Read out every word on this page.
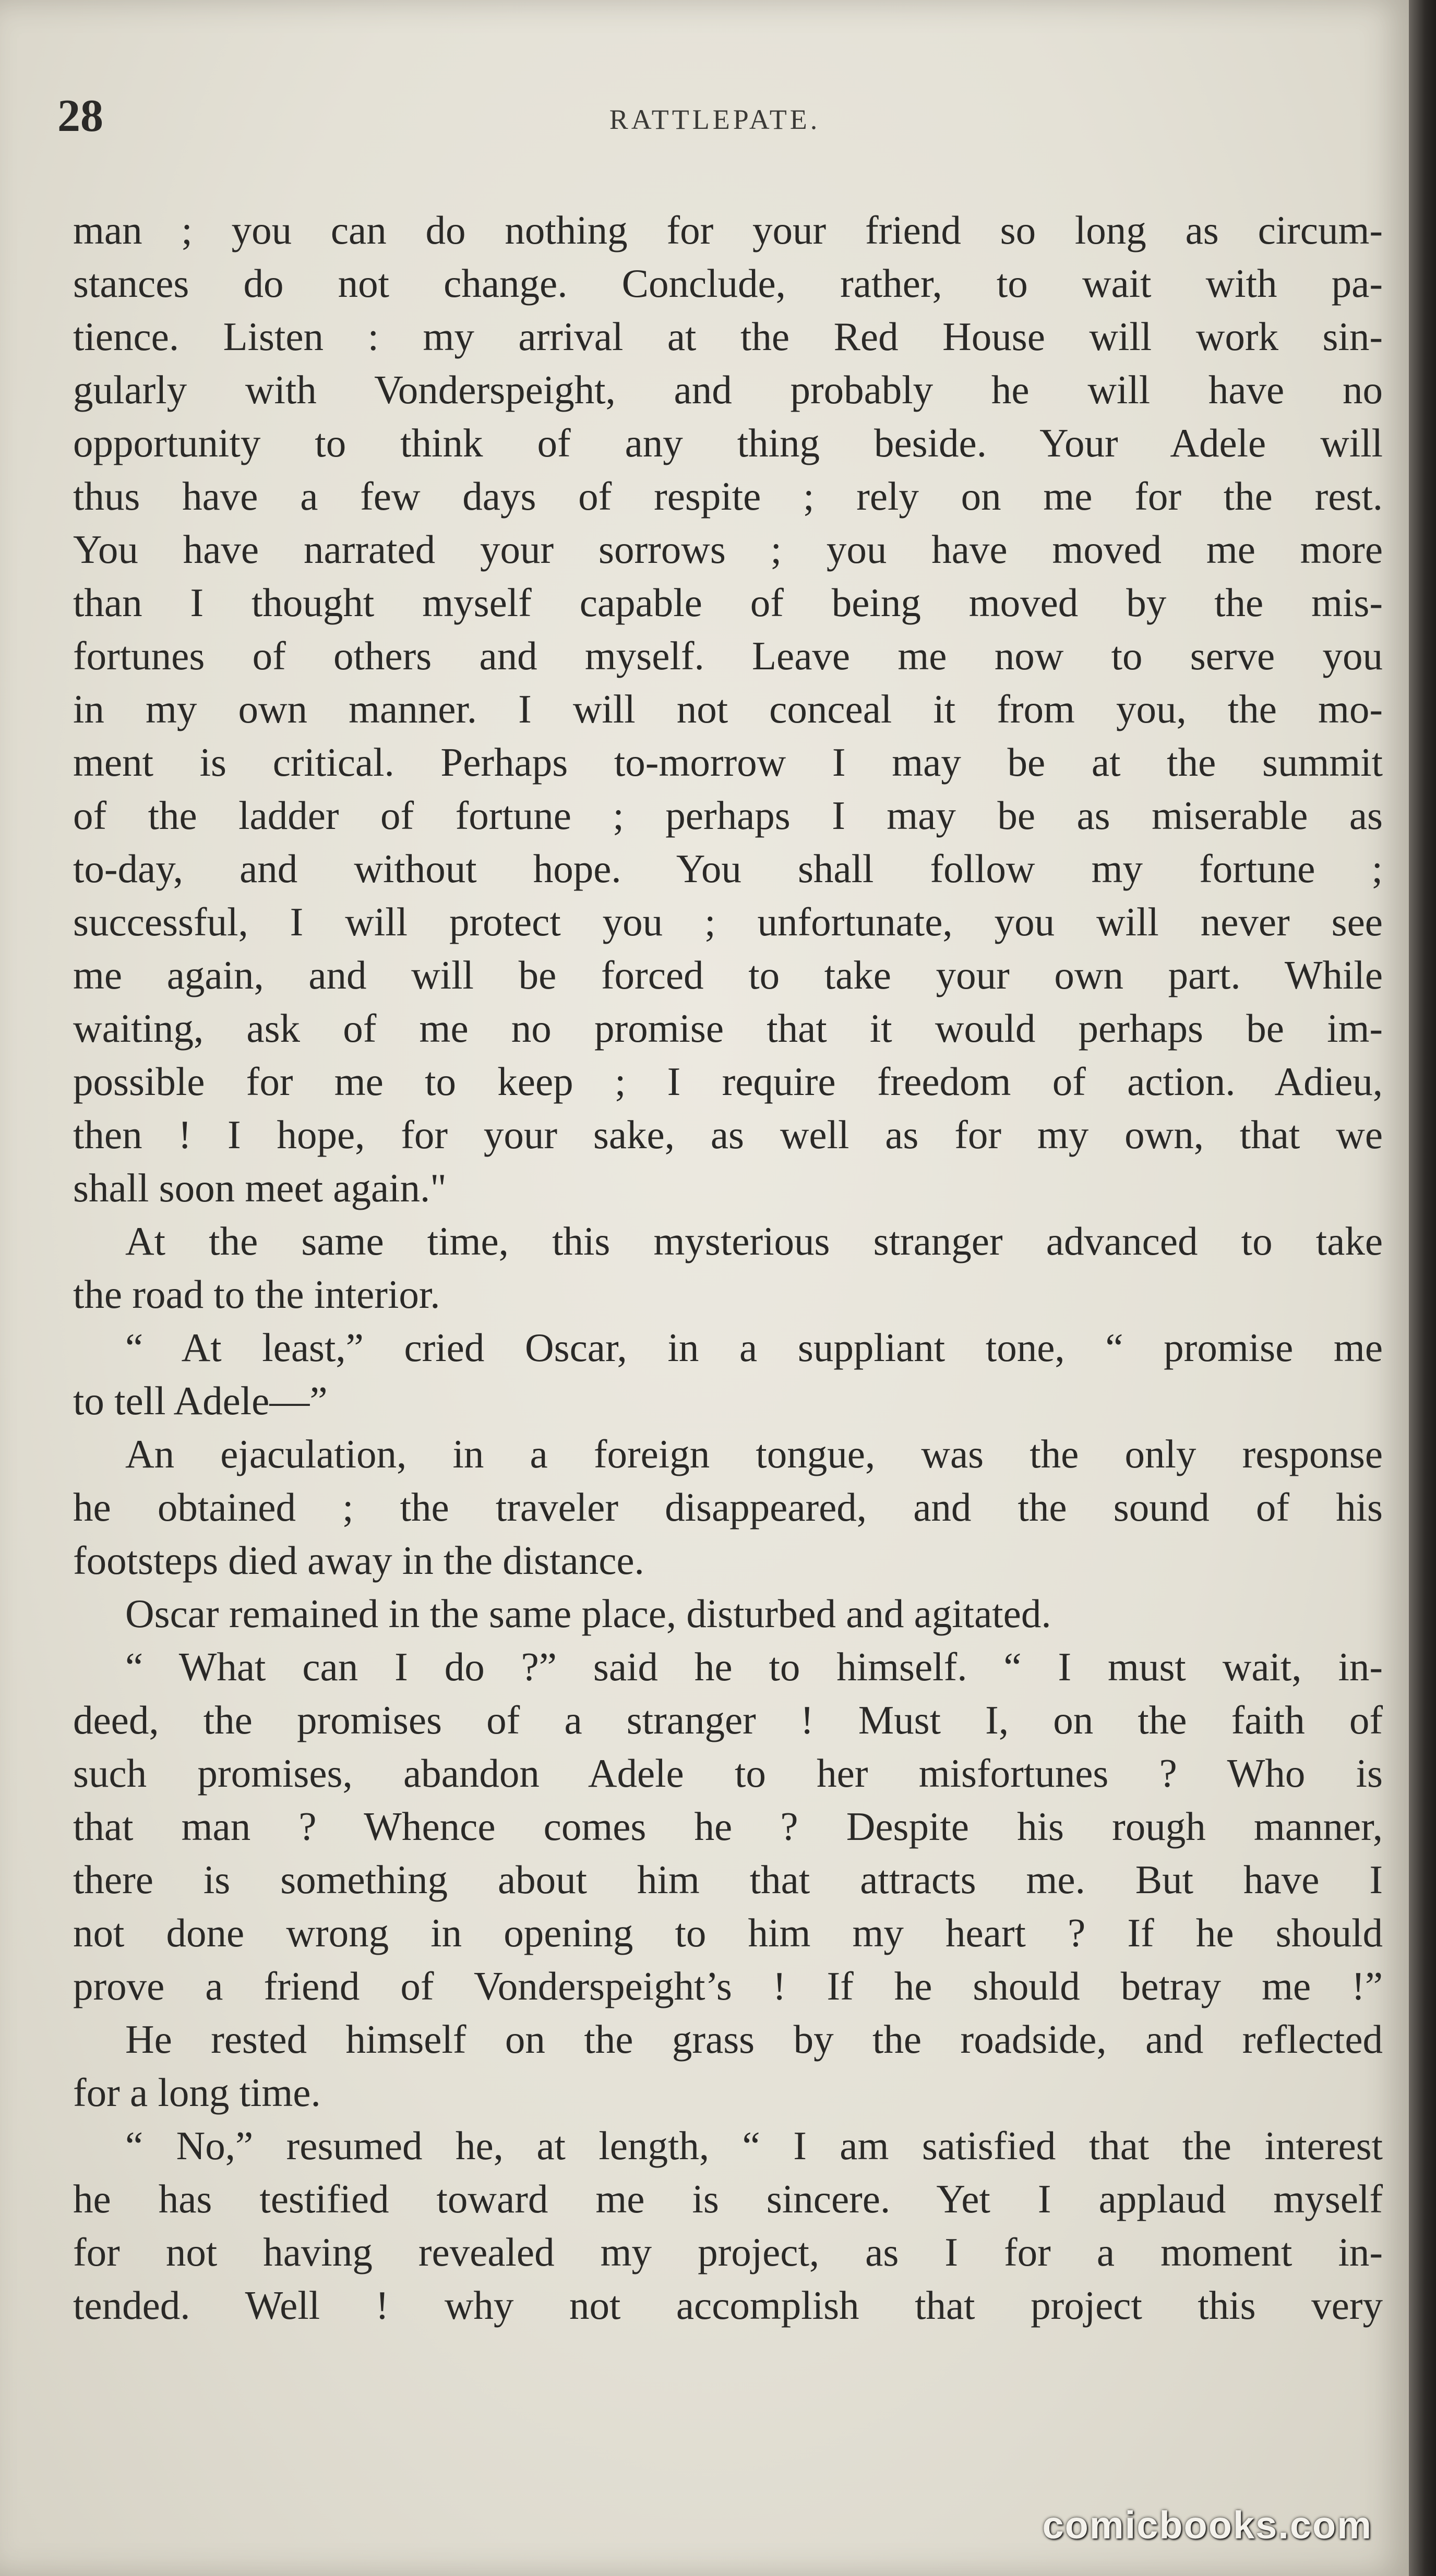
28	RATTLEPATE.
man ; you can do nothing for your friend so long as circum-
stances do not change. Conclude, rather, to wait with pa-
tience. Listen : my arrival at the Red House will work sin-
gularly with Vonderspeight, and probably he will have no
opportunity to think of any thing beside. Your Adele will
thus have a few days of respite ; rely on me for the rest.
You have narrated your sorrows ; you have moved me more
than I thought myself capable of being moved by the mis-
fortunes of others and myself. Leave me now to serve you
in my own manner. I will not conceal it from you, the mo-
ment is critical. Perhaps to-morrow I may be at the summit
of the ladder of fortune ; perhaps I may be as miserable as
to-day, and without hope. You shall follow my fortune ;
successful, I will protect you ; unfortunate, you will never see
me again, and will be forced to take your own part. While
waiting, ask of me no promise that it would perhaps be im-
possible for me to keep ; I require freedom of action. Adieu,
then ! I hope, for your sake, as well as for my own, that we
shall soon meet again."
At the same time, this mysterious stranger advanced to take
the road to the interior.
“ At least,” cried Oscar, in a suppliant tone, “ promise me
to tell Adele—”
An ejaculation, in a foreign tongue, was the only response
he obtained ; the traveler disappeared, and the sound of his
footsteps died away in the distance.
Oscar remained in the same place, disturbed and agitated.
“ What can I do ?” said he to himself. “ I must wait, in-
deed, the promises of a stranger ! Must I, on the faith of
such promises, abandon Adele to her misfortunes ? Who is
that man ? Whence comes he ? Despite his rough manner,
there is something about him that attracts me. But have I
not done wrong in opening to him my heart ? If he should
prove a friend of Vonderspeight’s ! If he should betray me !”
He rested himself on the grass by the roadside, and reflected
for a long time.
“ No,” resumed he, at length, “ I am satisfied that the interest
he has testified toward me is sincere. Yet I applaud myself
for not having revealed my project, as I for a moment in-
tended. Well ! why not accomplish that project this very
comicbooks.com
